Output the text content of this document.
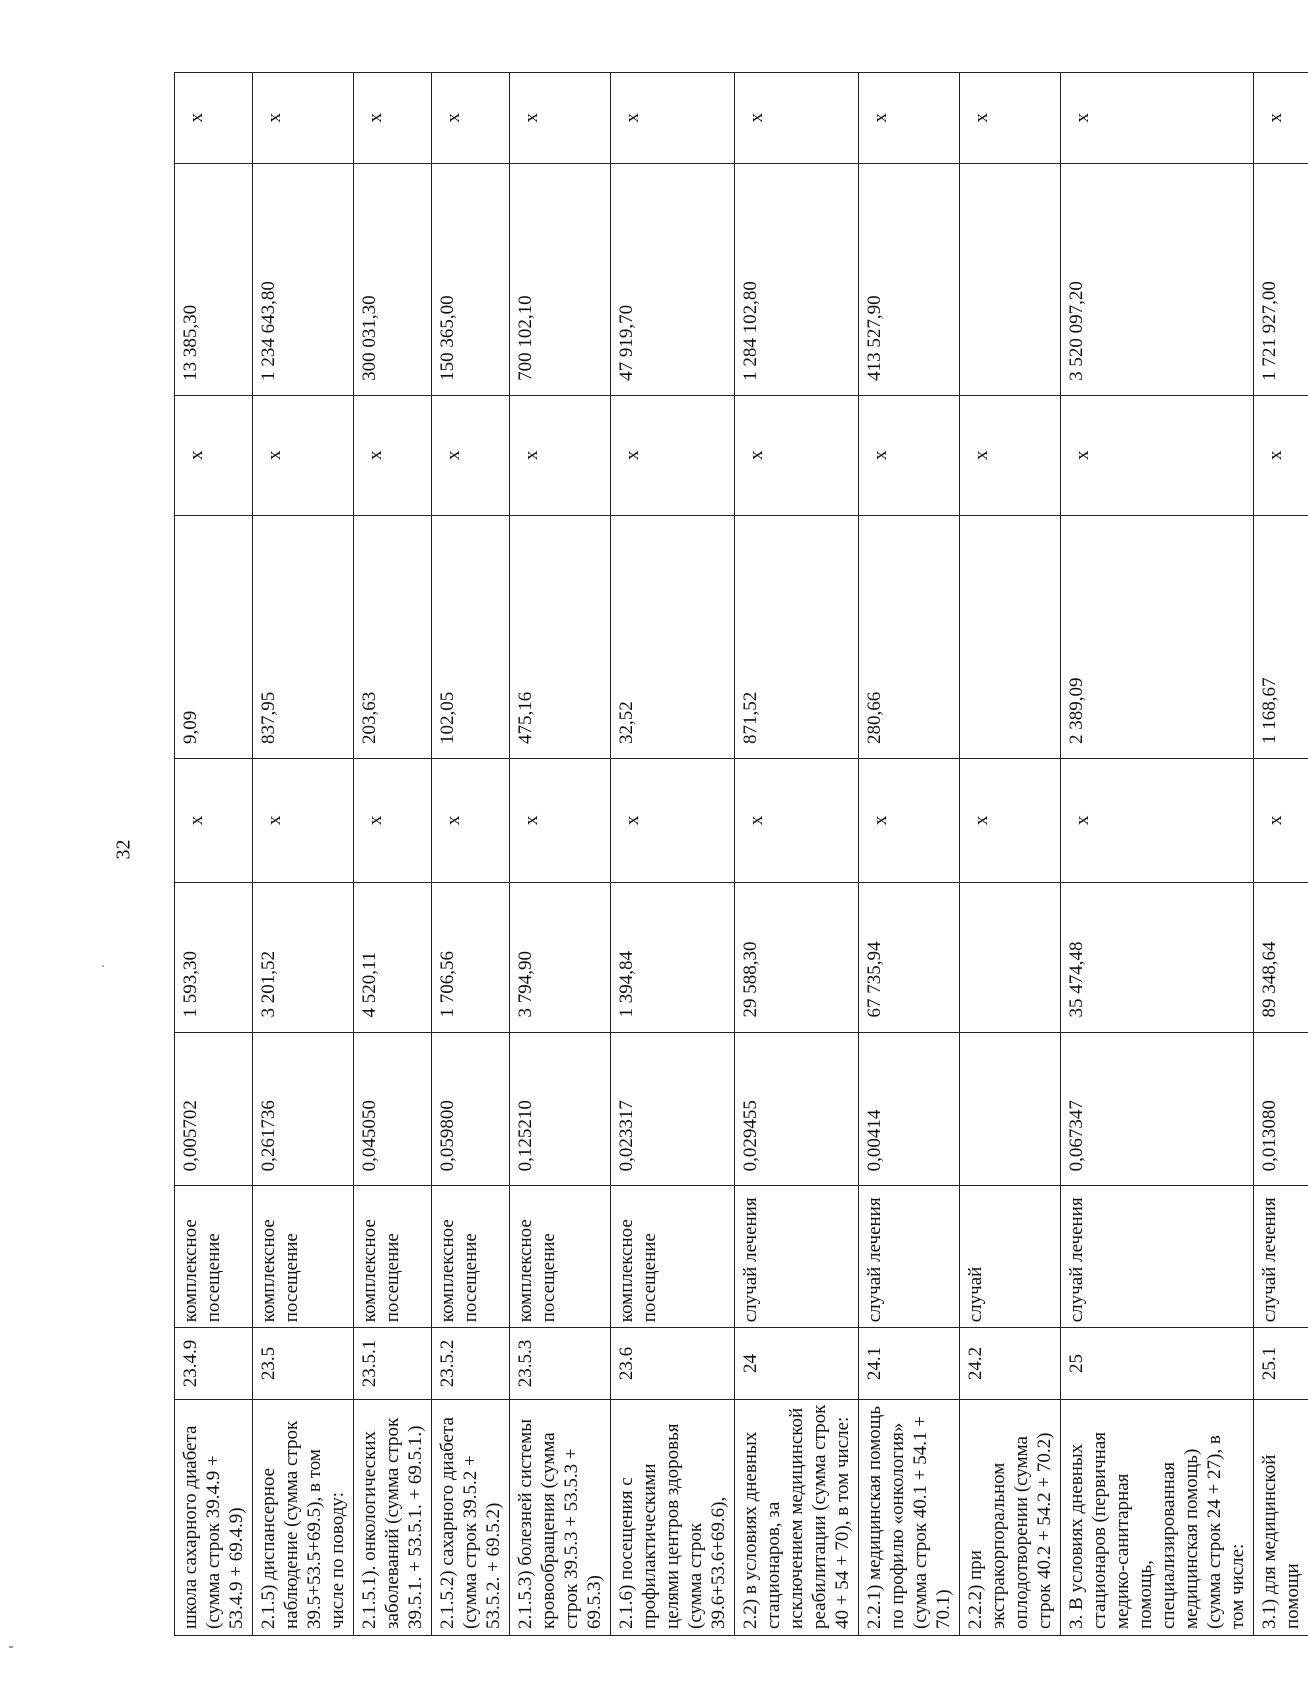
32
школа сахарного диабета (сумма строк 39.4.9 + 53.4.9 + 69.4.9)	23.4.9	комплексное посещение	0,005702	1 593,30	х	9,09	х	13 385,30	х
2.1.5) диспансерное наблюдение (сумма строк 39.5+53.5+69.5), в том числе по поводу:	23.5	комплексное посещение	0,261736	3 201,52	х	837,95	х	1 234 643,80	х
2.1.5.1). онкологических заболеваний (сумма строк 39.5.1. + 53.5.1. + 69.5.1.)	23.5.1	комплексное посещение	0,045050	4 520,11	х	203,63	х	300 031,30	х
2.1.5.2) сахарного диабета (сумма строк 39.5.2 + 53.5.2. + 69.5.2)	23.5.2	комплексное посещение	0,059800	1 706,56	х	102,05	х	150 365,00	х
2.1.5.3) болезней системы кровообращения (сумма строк 39.5.3 + 53.5.3 + 69.5.3)	23.5.3	комплексное посещение	0,125210	3 794,90	х	475,16	х	700 102,10	х
2.1.6) посещения с профилактическими целями центров здоровья (сумма строк 39.6+53.6+69.6),	23.6	комплексное посещение	0,023317	1 394,84	х	32,52	х	47 919,70	х
2.2) в условиях дневных стационаров, за исключением медицинской реабилитации (сумма строк 40 + 54 + 70), в том числе:	24	случай лечения	0,029455	29 588,30	х	871,52	х	1 284 102,80	х
2.2.1) медицинская помощь по профилю «онкология» (сумма строк 40.1 + 54.1 + 70.1)	24.1	случай лечения	0,00414	67 735,94	х	280,66	х	413 527,90	х
2.2.2) при экстракорпоральном оплодотворении (сумма строк 40.2 + 54.2 + 70.2)	24.2	случай			х		х		х
3. В условиях дневных стационаров (первичная медико-санитарная помощь, специализированная медицинская помощь) (сумма строк 24 + 27), в том числе:	25	случай лечения	0,067347	35 474,48	х	2 389,09	х	3 520 097,20	х
3.1) для медицинской помощи	25.1	случай лечения	0,013080	89 348,64	х	1 168,67	х	1 721 927,00	х
